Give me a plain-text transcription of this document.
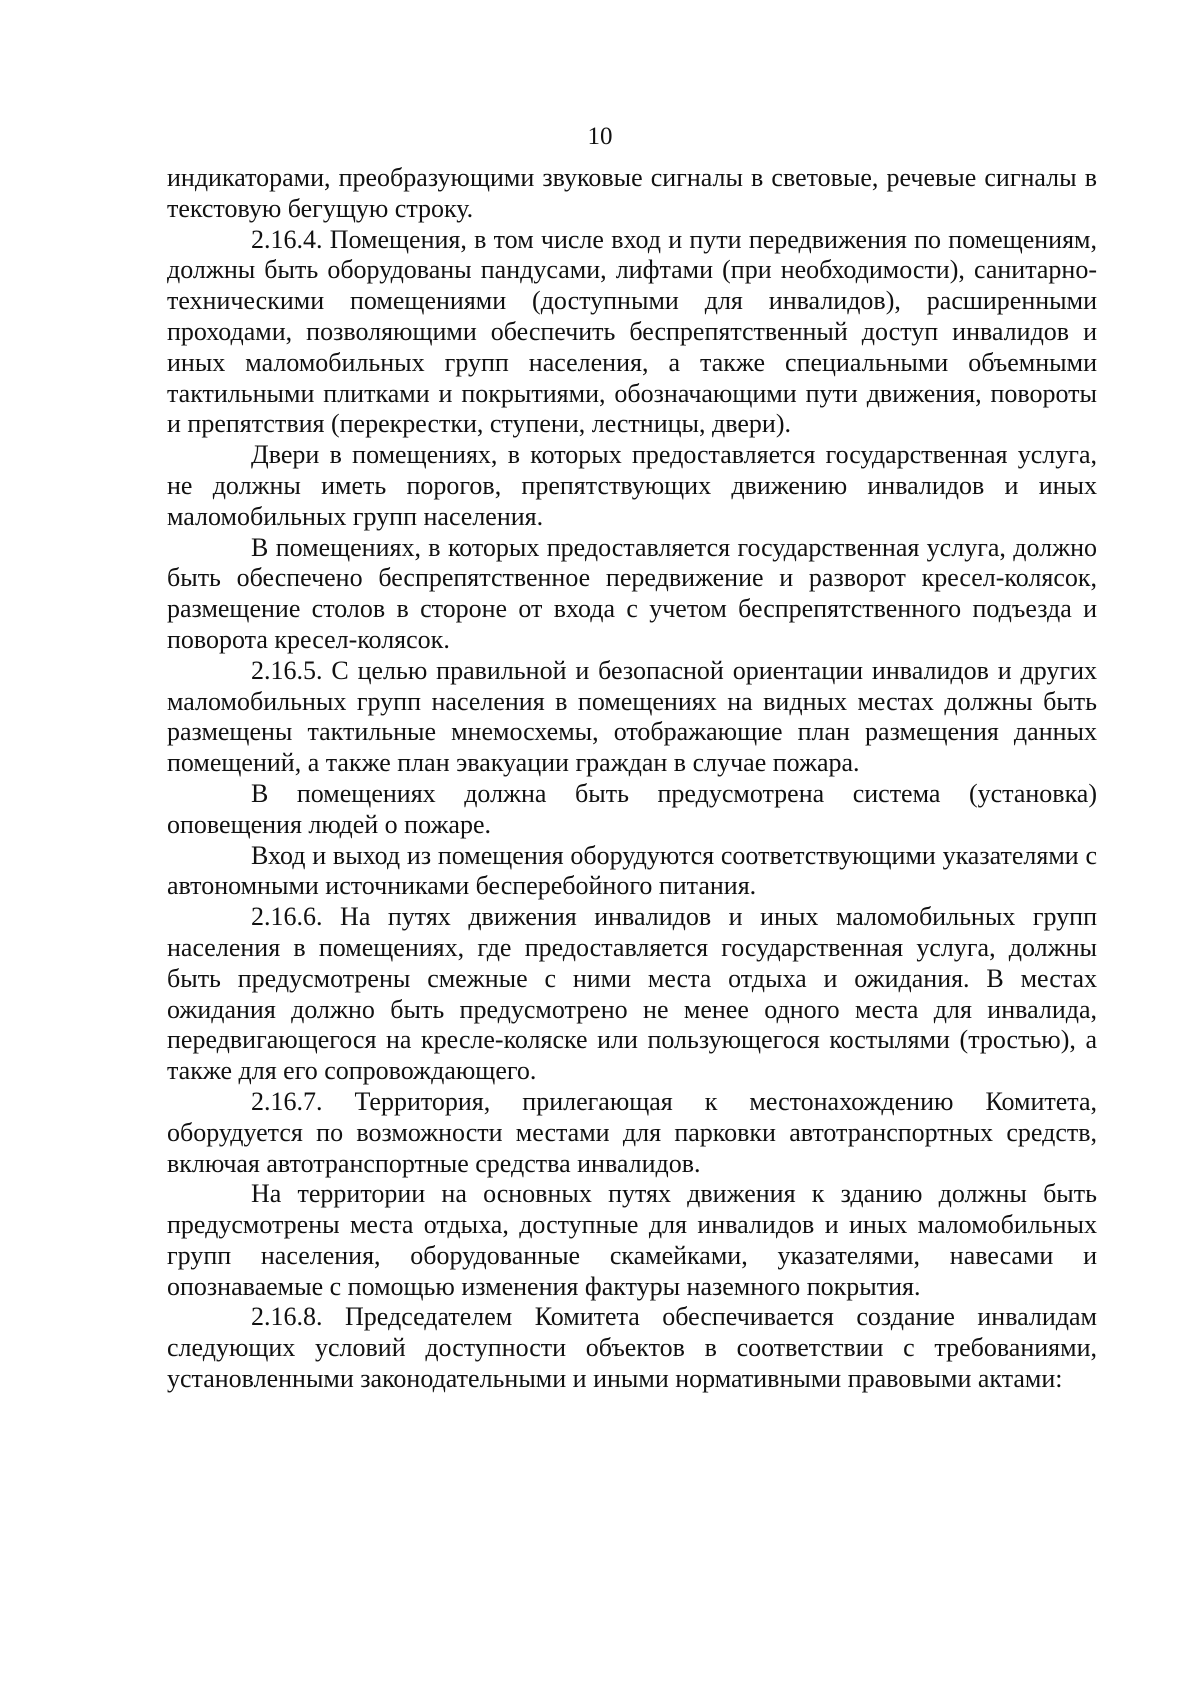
10

индикаторами, преобразующими звуковые сигналы в световые, речевые сигналы в текстовую бегущую строку.

2.16.4. Помещения, в том числе вход и пути передвижения по помещениям, должны быть оборудованы пандусами, лифтами (при необходимости), санитарно-техническими помещениями (доступными для инвалидов), расширенными проходами, позволяющими обеспечить беспрепятственный доступ инвалидов и иных маломобильных групп населения, а также специальными объемными тактильными плитками и покрытиями, обозначающими пути движения, повороты и препятствия (перекрестки, ступени, лестницы, двери).

Двери в помещениях, в которых предоставляется государственная услуга, не должны иметь порогов, препятствующих движению инвалидов и иных маломобильных групп населения.

В помещениях, в которых предоставляется государственная услуга, должно быть обеспечено беспрепятственное передвижение и разворот кресел-колясок, размещение столов в стороне от входа с учетом беспрепятственного подъезда и поворота кресел-колясок.

2.16.5. С целью правильной и безопасной ориентации инвалидов и других маломобильных групп населения в помещениях на видных местах должны быть размещены тактильные мнемосхемы, отображающие план размещения данных помещений, а также план эвакуации граждан в случае пожара.

В помещениях должна быть предусмотрена система (установка) оповещения людей о пожаре.

Вход и выход из помещения оборудуются соответствующими указателями с автономными источниками бесперебойного питания.

2.16.6. На путях движения инвалидов и иных маломобильных групп населения в помещениях, где предоставляется государственная услуга, должны быть предусмотрены смежные с ними места отдыха и ожидания. В местах ожидания должно быть предусмотрено не менее одного места для инвалида, передвигающегося на кресле-коляске или пользующегося костылями (тростью), а также для его сопровождающего.

2.16.7. Территория, прилегающая к местонахождению Комитета, оборудуется по возможности местами для парковки автотранспортных средств, включая автотранспортные средства инвалидов.

На территории на основных путях движения к зданию должны быть предусмотрены места отдыха, доступные для инвалидов и иных маломобильных групп населения, оборудованные скамейками, указателями, навесами и опознаваемые с помощью изменения фактуры наземного покрытия.

2.16.8. Председателем Комитета обеспечивается создание инвалидам следующих условий доступности объектов в соответствии с требованиями, установленными законодательными и иными нормативными правовыми актами:
